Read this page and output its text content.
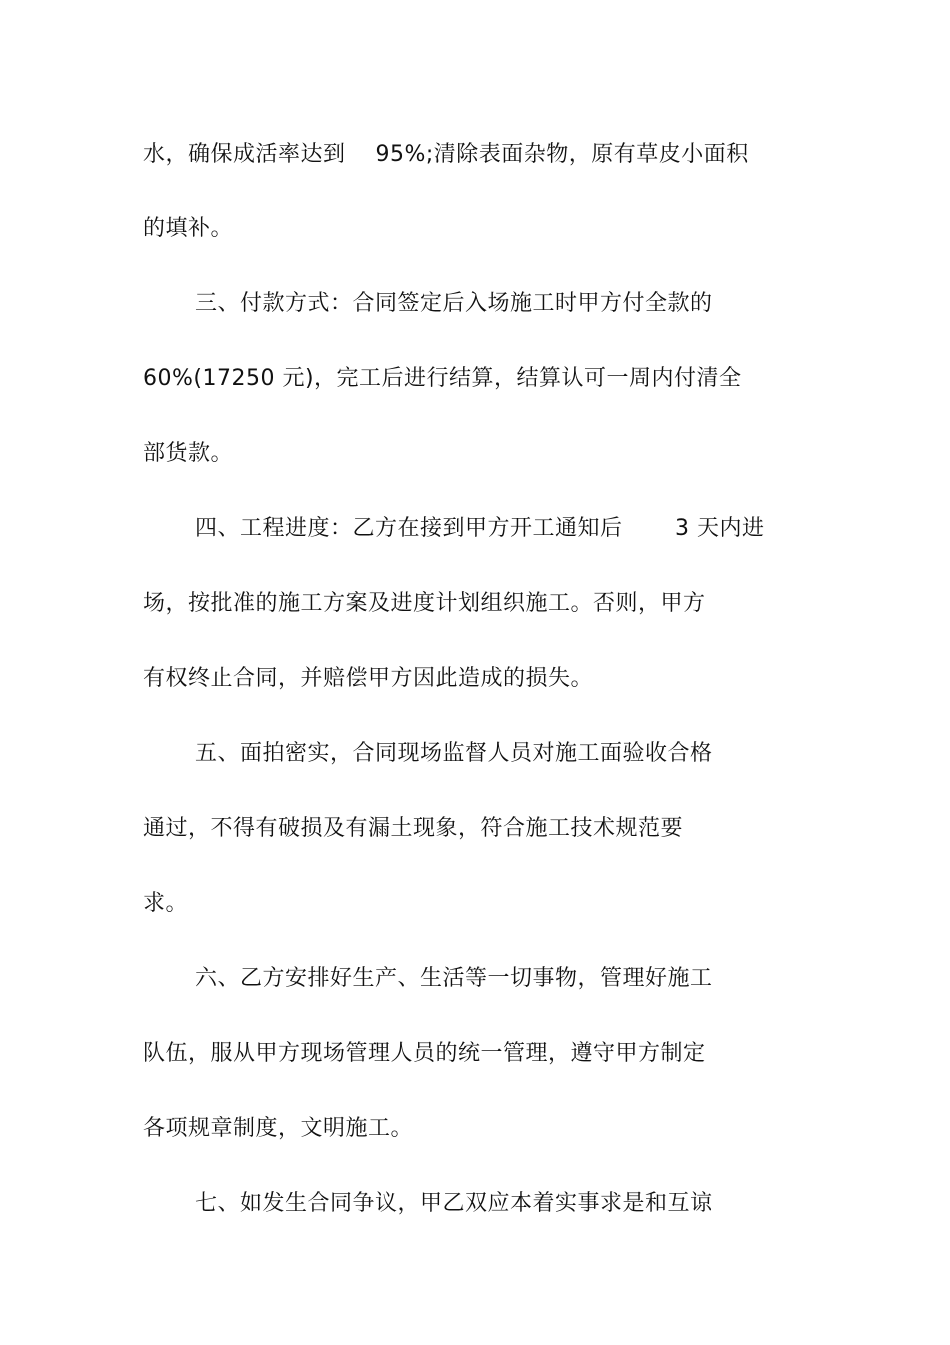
水，确保成活率达到　 95%;清除表面杂物，原有草皮小面积
的填补。
三、付款方式：合同签定后入场施工时甲方付全款的
60%(17250 元)，完工后进行结算，结算认可一周内付清全
部货款。
四、工程进度：乙方在接到甲方开工通知后　　 3 天内进
场，按批准的施工方案及进度计划组织施工。否则，甲方
有权终止合同，并赔偿甲方因此造成的损失。
五、面拍密实，合同现场监督人员对施工面验收合格
通过，不得有破损及有漏土现象，符合施工技术规范要
求。
六、乙方安排好生产、生活等一切事物，管理好施工
队伍，服从甲方现场管理人员的统一管理，遵守甲方制定
各项规章制度，文明施工。
七、如发生合同争议，甲乙双应本着实事求是和互谅
